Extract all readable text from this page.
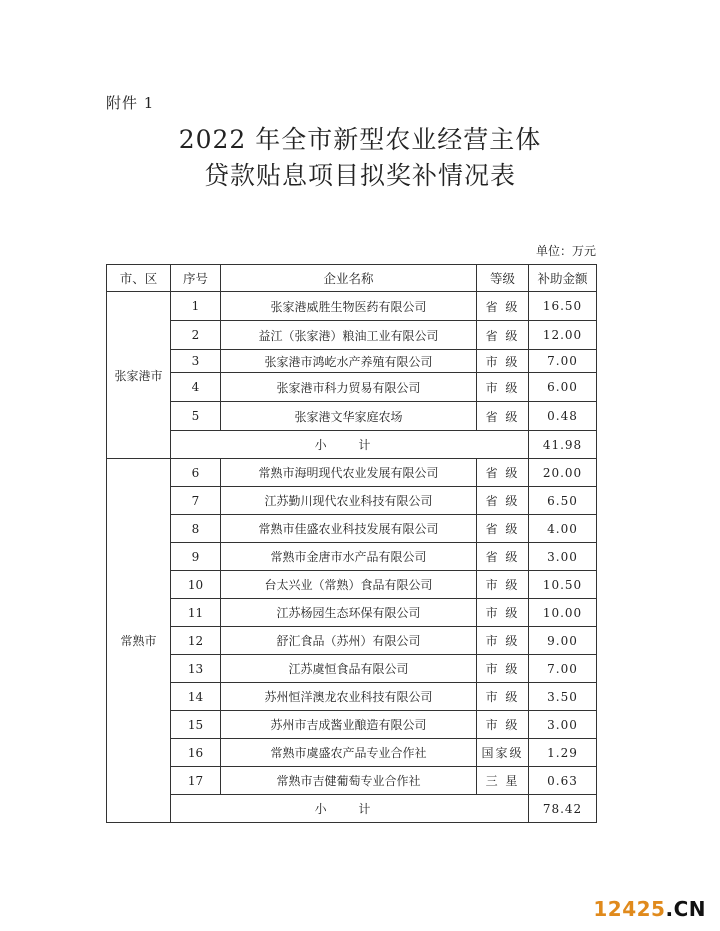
附件 1
2022 年全市新型农业经营主体
贷款贴息项目拟奖补情况表
单位：万元
市、区	序号	企业名称	等级	补助金额
张家港市	1	张家港威胜生物医药有限公司	省 级	16.50
	2	益江（张家港）粮油工业有限公司	省 级	12.00
	3	张家港市鸿屹水产养殖有限公司	市 级	7.00
	4	张家港市科力贸易有限公司	市 级	6.00
	5	张家港文华家庭农场	省 级	0.48
	小 计			41.98
常熟市	6	常熟市海明现代农业发展有限公司	省 级	20.00
	7	江苏勤川现代农业科技有限公司	省 级	6.50
	8	常熟市佳盛农业科技发展有限公司	省 级	4.00
	9	常熟市金唐市水产品有限公司	省 级	3.00
	10	台太兴业（常熟）食品有限公司	市 级	10.50
	11	江苏杨园生态环保有限公司	市 级	10.00
	12	舒汇食品（苏州）有限公司	市 级	9.00
	13	江苏虞恒食品有限公司	市 级	7.00
	14	苏州恒洋澳龙农业科技有限公司	市 级	3.50
	15	苏州市吉成酱业酿造有限公司	市 级	3.00
	16	常熟市虞盛农产品专业合作社	国家级	1.29
	17	常熟市吉健葡萄专业合作社	三 星	0.63
	小 计			78.42
12425.CN
